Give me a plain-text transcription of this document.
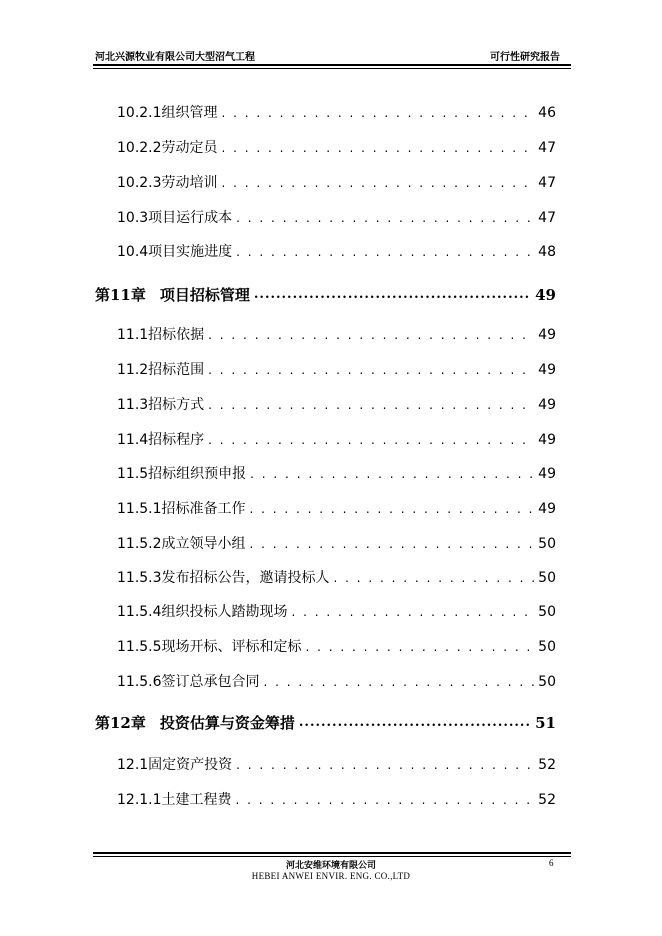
河北兴源牧业有限公司大型沼气工程	可行性研究报告
10.2.1组织管理 . . .	46
10.2.2劳动定员 . . .	47
10.2.3劳动培训 . . .	47
10.3项目运行成本 . . .	47
10.4项目实施进度 . . .	48
第11章 项目招标管理 .....	49
11.1招标依据 . . .	49
11.2招标范围 . . .	49
11.3招标方式 . . .	49
11.4招标程序 . . .	49
11.5招标组织预申报 . . .	49
11.5.1招标准备工作 . . .	49
11.5.2成立领导小组 . . .	50
11.5.3发布招标公告，邀请投标人 . . .	50
11.5.4组织投标人踏勘现场 . . .	50
11.5.5现场开标、评标和定标 . . .	50
11.5.6签订总承包合同 . . .	50
第12章 投资估算与资金筹措 .....	51
12.1固定资产投资 . . .	52
12.1.1土建工程费 . . .	52
河北安维环境有限公司
HEBEI ANWEI ENVIR. ENG. CO.,LTD
6
